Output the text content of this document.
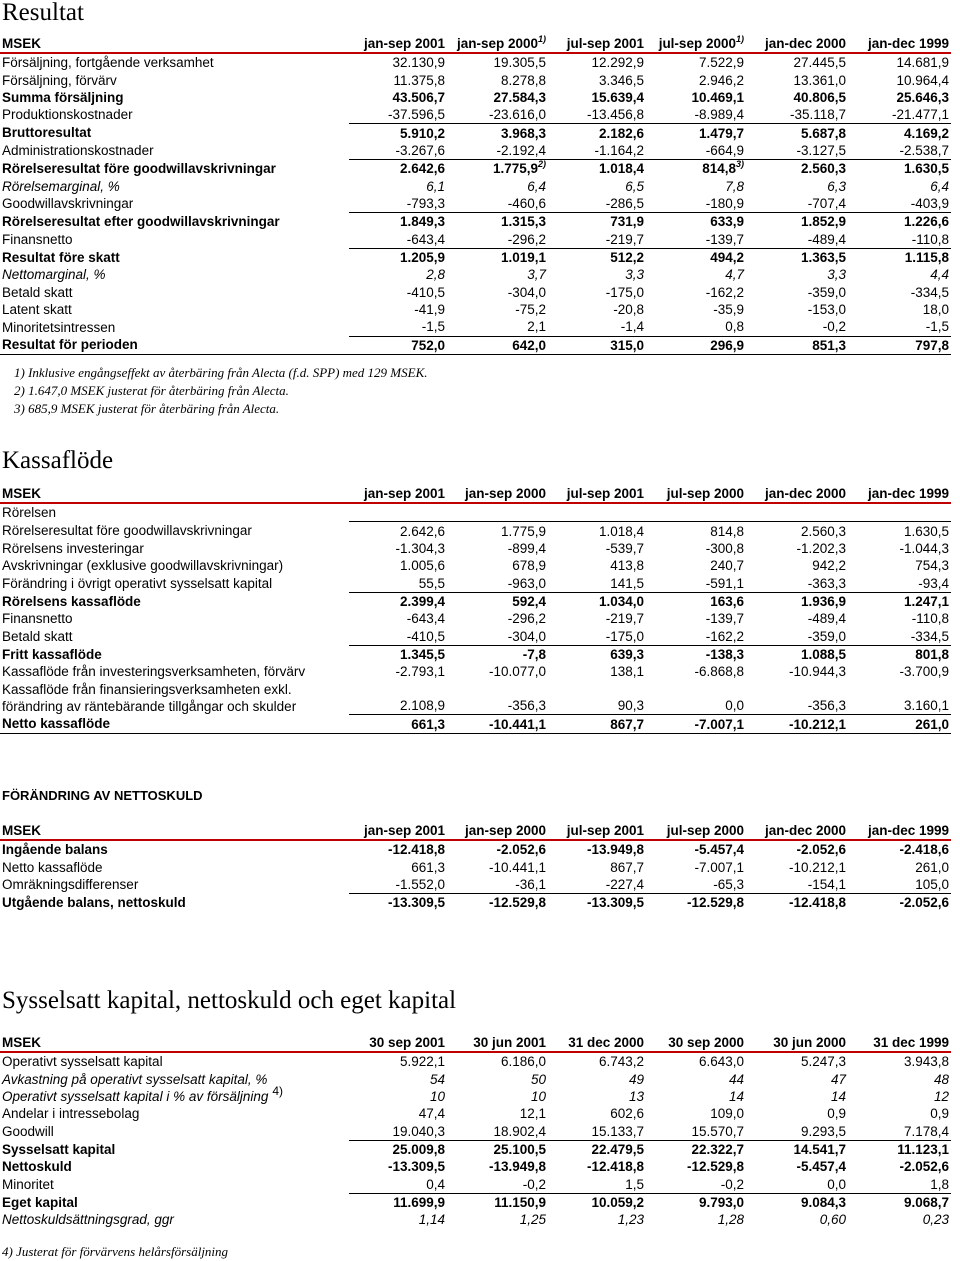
Resultat
MSEK	jan-sep 2001	jan-sep 2000$^{1)}$	jul-sep 2001	jul-sep 2000$^{1)}$	jan-dec 2000	jan-dec 1999
Försäljning, fortgående verksamhet	32.130,9	19.305,5	12.292,9	7.522,9	27.445,5	14.681,9
Försäljning, förvärv	11.375,8	8.278,8	3.346,5	2.946,2	13.361,0	10.964,4
Summa försäljning	43.506,7	27.584,3	15.639,4	10.469,1	40.806,5	25.646,3
Produktionskostnader	-37.596,5	-23.616,0	-13.456,8	-8.989,4	-35.118,7	-21.477,1
Bruttoresultat	5.910,2	3.968,3	2.182,6	1.479,7	5.687,8	4.169,2
Administrationskostnader	-3.267,6	-2.192,4	-1.164,2	-664,9	-3.127,5	-2.538,7
Rörelseresultat före goodwillavskrivningar	2.642,6	1.775,9$^{2)}$	1.018,4	814,8$^{3)}$	2.560,3	1.630,5
Rörelsemarginal, %	6,1	6,4	6,5	7,8	6,3	6,4
Goodwillavskrivningar	-793,3	-460,6	-286,5	-180,9	-707,4	-403,9
Rörelseresultat efter goodwillavskrivningar	1.849,3	1.315,3	731,9	633,9	1.852,9	1.226,6
Finansnetto	-643,4	-296,2	-219,7	-139,7	-489,4	-110,8
Resultat före skatt	1.205,9	1.019,1	512,2	494,2	1.363,5	1.115,8
Nettomarginal, %	2,8	3,7	3,3	4,7	3,3	4,4
Betald skatt	-410,5	-304,0	-175,0	-162,2	-359,0	-334,5
Latent skatt	-41,9	-75,2	-20,8	-35,9	-153,0	18,0
Minoritetsintressen	-1,5	2,1	-1,4	0,8	-0,2	-1,5
Resultat för perioden	752,0	642,0	315,0	296,9	851,3	797,8
1) Inklusive engångseffekt av återbäring från Alecta (f.d. SPP) med 129 MSEK.
2) 1.647,0 MSEK justerat för återbäring från Alecta.
3) 685,9 MSEK justerat för återbäring från Alecta.
Kassaflöde
MSEK	jan-sep 2001	jan-sep 2000	jul-sep 2001	jul-sep 2000	jan-dec 2000	jan-dec 1999
Rörelsen						
Rörelseresultat före goodwillavskrivningar	2.642,6	1.775,9	1.018,4	814,8	2.560,3	1.630,5
Rörelsens investeringar	-1.304,3	-899,4	-539,7	-300,8	-1.202,3	-1.044,3
Avskrivningar (exklusive goodwillavskrivningar)	1.005,6	678,9	413,8	240,7	942,2	754,3
Förändring i övrigt operativt sysselsatt kapital	55,5	-963,0	141,5	-591,1	-363,3	-93,4
Rörelsens kassaflöde	2.399,4	592,4	1.034,0	163,6	1.936,9	1.247,1
Finansnetto	-643,4	-296,2	-219,7	-139,7	-489,4	-110,8
Betald skatt	-410,5	-304,0	-175,0	-162,2	-359,0	-334,5
Fritt kassaflöde	1.345,5	-7,8	639,3	-138,3	1.088,5	801,8
Kassaflöde från investeringsverksamheten, förvärv	-2.793,1	-10.077,0	138,1	-6.868,8	-10.944,3	-3.700,9
Kassaflöde från finansieringsverksamheten exkl.
förändring av räntebärande tillgångar och skulder	2.108,9	-356,3	90,3	0,0	-356,3	3.160,1
Netto kassaflöde	661,3	-10.441,1	867,7	-7.007,1	-10.212,1	261,0
FÖRÄNDRING AV NETTOSKULD
MSEK	jan-sep 2001	jan-sep 2000	jul-sep 2001	jul-sep 2000	jan-dec 2000	jan-dec 1999
Ingående balans	-12.418,8	-2.052,6	-13.949,8	-5.457,4	-2.052,6	-2.418,6
Netto kassaflöde	661,3	-10.441,1	867,7	-7.007,1	-10.212,1	261,0
Omräkningsdifferenser	-1.552,0	-36,1	-227,4	-65,3	-154,1	105,0
Utgående balans, nettoskuld	-13.309,5	-12.529,8	-13.309,5	-12.529,8	-12.418,8	-2.052,6
Sysselsatt kapital, nettoskuld och eget kapital
MSEK	30 sep 2001	30 jun 2001	31 dec 2000	30 sep 2000	30 jun 2000	31 dec 1999
Operativt sysselsatt kapital	5.922,1	6.186,0	6.743,2	6.643,0	5.247,3	3.943,8
Avkastning på operativt sysselsatt kapital, %	54	50	49	44	47	48
Operativt sysselsatt kapital i % av försäljning $^{4)}$	10	10	13	14	14	12
Andelar i intressebolag	47,4	12,1	602,6	109,0	0,9	0,9
Goodwill	19.040,3	18.902,4	15.133,7	15.570,7	9.293,5	7.178,4
Sysselsatt kapital	25.009,8	25.100,5	22.479,5	22.322,7	14.541,7	11.123,1
Nettoskuld	-13.309,5	-13.949,8	-12.418,8	-12.529,8	-5.457,4	-2.052,6
Minoritet	0,4	-0,2	1,5	-0,2	0,0	1,8
Eget kapital	11.699,9	11.150,9	10.059,2	9.793,0	9.084,3	9.068,7
Nettoskuldsättningsgrad, ggr	1,14	1,25	1,23	1,28	0,60	0,23
4) Justerat för förvärvens helårsförsäljning
